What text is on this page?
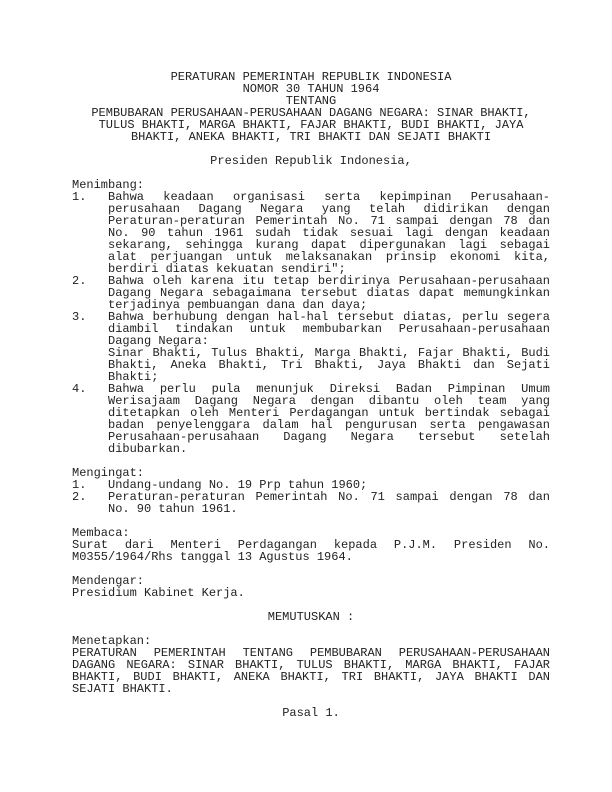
PERATURAN PEMERINTAH REPUBLIK INDONESIA
NOMOR 30 TAHUN 1964
TENTANG
PEMBUBARAN PERUSAHAAN-PERUSAHAAN DAGANG NEGARA: SINAR BHAKTI,
TULUS BHAKTI, MARGA BHAKTI, FAJAR BHAKTI, BUDI BHAKTI, JAYA
BHAKTI, ANEKA BHAKTI, TRI BHAKTI DAN SEJATI BHAKTI
Presiden Republik Indonesia,
Menimbang:
1.	Bahwa keadaan organisasi serta kepimpinan Perusahaan-
perusahaan Dagang Negara yang telah didirikan dengan
Peraturan-peraturan Pemerintah No. 71 sampai dengan 78 dan
No. 90 tahun 1961 sudah tidak sesuai lagi dengan keadaan
sekarang, sehingga kurang dapat dipergunakan lagi sebagai
alat perjuangan untuk melaksanakan prinsip ekonomi kita,
berdiri diatas kekuatan sendiri";
2.	Bahwa oleh karena itu tetap berdirinya Perusahaan-perusahaan
Dagang Negara sebagaimana tersebut diatas dapat memungkinkan
terjadinya pembuangan dana dan daya;
3.	Bahwa berhubung dengan hal-hal tersebut diatas, perlu segera
diambil tindakan untuk membubarkan Perusahaan-perusahaan
Dagang Negara:
Sinar Bhakti, Tulus Bhakti, Marga Bhakti, Fajar Bhakti, Budi
Bhakti, Aneka Bhakti, Tri Bhakti, Jaya Bhakti dan Sejati
Bhakti;
4.	Bahwa perlu pula menunjuk Direksi Badan Pimpinan Umum
Werisajaam Dagang Negara dengan dibantu oleh team yang
ditetapkan oleh Menteri Perdagangan untuk bertindak sebagai
badan penyelenggara dalam hal pengurusan serta pengawasan
Perusahaan-perusahaan Dagang Negara tersebut setelah
dibubarkan.
Mengingat:
1.	Undang-undang No. 19 Prp tahun 1960;
2.	Peraturan-peraturan Pemerintah No. 71 sampai dengan 78 dan
No. 90 tahun 1961.
Membaca:
Surat dari Menteri Perdagangan kepada P.J.M. Presiden No.
M0355/1964/Rhs tanggal 13 Agustus 1964.
Mendengar:
Presidium Kabinet Kerja.
MEMUTUSKAN :
Menetapkan:
PERATURAN PEMERINTAH TENTANG PEMBUBARAN PERUSAHAAN-PERUSAHAAN
DAGANG NEGARA: SINAR BHAKTI, TULUS BHAKTI, MARGA BHAKTI, FAJAR
BHAKTI, BUDI BHAKTI, ANEKA BHAKTI, TRI BHAKTI, JAYA BHAKTI DAN
SEJATI BHAKTI.
Pasal 1.
